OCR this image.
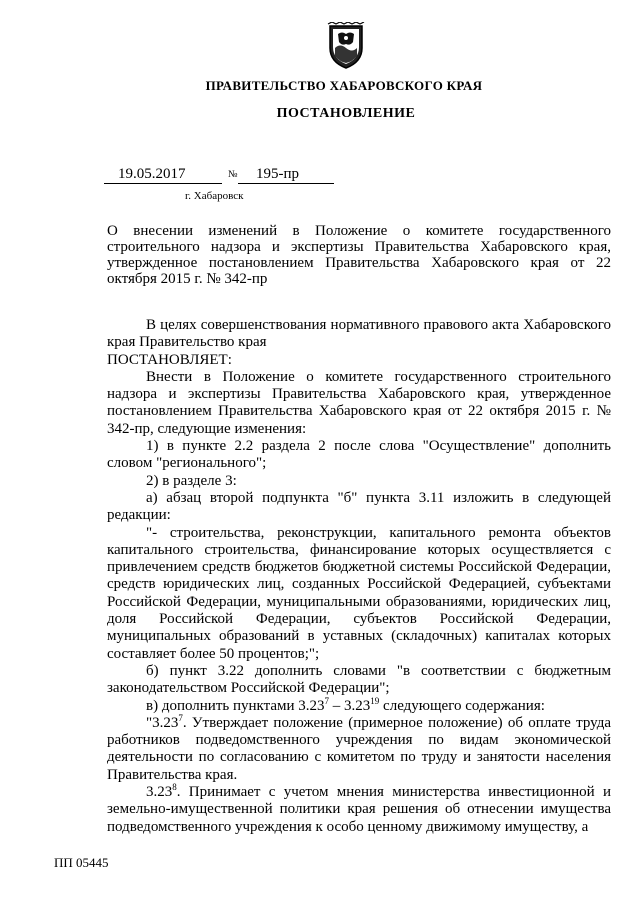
ПРАВИТЕЛЬСТВО ХАБАРОВСКОГО КРАЯ
ПОСТАНОВЛЕНИЕ
19.05.2017	№	195-пр
г. Хабаровск
О внесении изменений в Положение о комитете государственного строительного надзора и экспертизы Правительства Хабаровского края, утвержденное постановлением Правительства Хабаровского края от 22 октября 2015 г. № 342-пр

В целях совершенствования нормативного правового акта Хабаровского края Правительство края

ПОСТАНОВЛЯЕТ:

Внести в Положение о комитете государственного строительного надзора и экспертизы Правительства Хабаровского края, утвержденное постановлением Правительства Хабаровского края от 22 октября 2015 г. № 342-пр, следующие изменения:

1) в пункте 2.2 раздела 2 после слова "Осуществление" дополнить словом "регионального";

2) в разделе 3:

а) абзац второй подпункта "б" пункта 3.11 изложить в следующей редакции:

"- строительства, реконструкции, капитального ремонта объектов капитального строительства, финансирование которых осуществляется с привлечением средств бюджетов бюджетной системы Российской Федерации, средств юридических лиц, созданных Российской Федерацией, субъектами Российской Федерации, муниципальными образованиями, юридических лиц, доля Российской Федерации, субъектов Российской Федерации, муниципальных образований в уставных (складочных) капиталах которых составляет более 50 процентов;";

б) пункт 3.22 дополнить словами "в соответствии с бюджетным законодательством Российской Федерации";

в) дополнить пунктами 3.23$^7$ – 3.23$^{19}$ следующего содержания:

"3.23$^7$. Утверждает положение (примерное положение) об оплате труда работников подведомственного учреждения по видам экономической деятельности по согласованию с комитетом по труду и занятости населения Правительства края.

3.23$^8$. Принимает с учетом мнения министерства инвестиционной и земельно-имущественной политики края решения об отнесении имущества подведомственного учреждения к особо ценному движимому имуществу, а

ПП 05445
